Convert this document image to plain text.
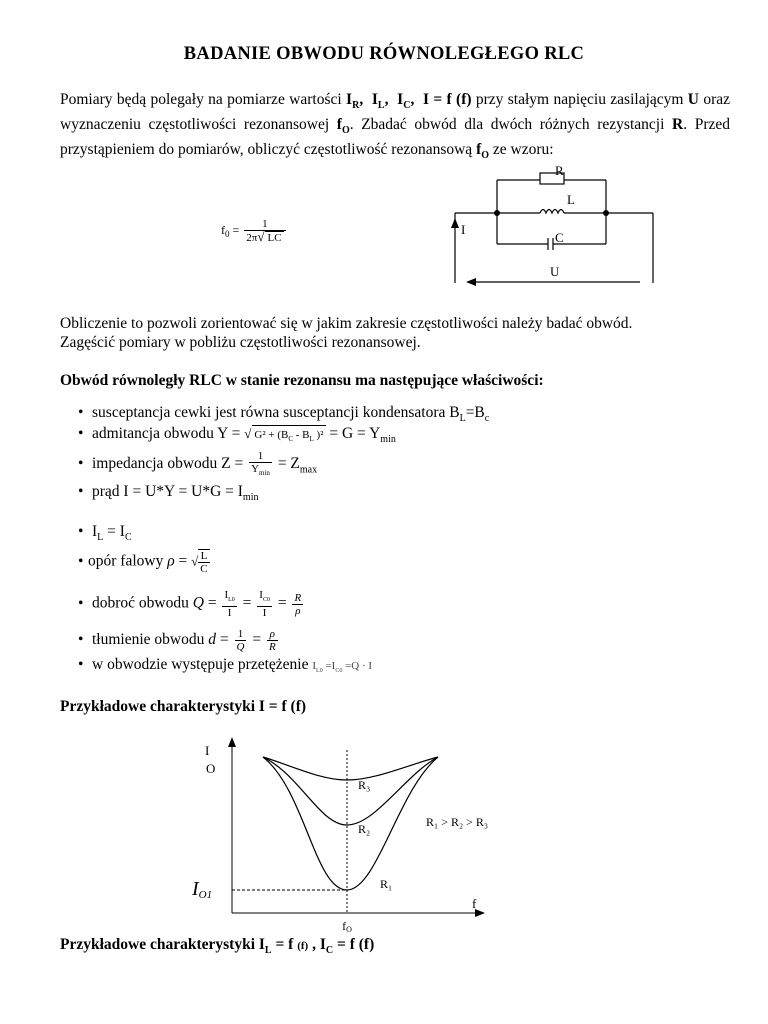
BADANIE OBWODU RÓWNOLEGŁEGO RLC
Pomiary będą polegały na pomiarze wartości $I_R$,  $I_L$,  $I_C$,  I = f (f) przy stałym napięciu zasilającym U oraz wyznaczeniu częstotliwości rezonansowej $f_O$. Zbadać obwód dla dwóch różnych rezystancji R. Przed przystąpieniem do pomiarów, obliczyć częstotliwość rezonansową $f_O$ ze wzoru:
$f_0 = \frac{1}{2\pi√ LC}$
R
L
C
I
U
Obliczenie to pozwoli zorientować się w jakim zakresie częstotliwości należy badać obwód.
Zagęścić pomiary w pobliżu częstotliwości rezonansowej.
Obwód równoległy RLC w stanie rezonansu ma następujące właściwości:
• susceptancja cewki jest równa susceptancji kondensatora $B_L=B_c$
• admitancja obwodu Y = √ $G^2 + (B_C - B_L$ )$^2 = G = Y_{min}$
• impedancja obwodu $Z = \frac{1}{Y_{min}} = Z_{max}$
• prąd $I = U*Y = U*G = I_{min}$
• $I_L = I_C$
• opór falowy ρ = √ $\frac{L}{C}$
• dobroć obwodu $Q = \frac{I_{L0}}{I} = \frac{I_{C0}}{I} = \frac{R}{\rho}$
• tłumienie obwodu $d = \frac{1}{Q} = \frac{\rho}{R}$
• w obwodzie występuje przetężenie $I_{L0} =I_{C0} =Q \cdot I$
Przykładowe charakterystyki I = f (f)
I
O
f
fO
IO1
R₃
R₂
R₁
R₁ > R₂ > R₃
Przykładowe charakterystyki $I_L = f$ (f) , $I_C = f$ (f)
